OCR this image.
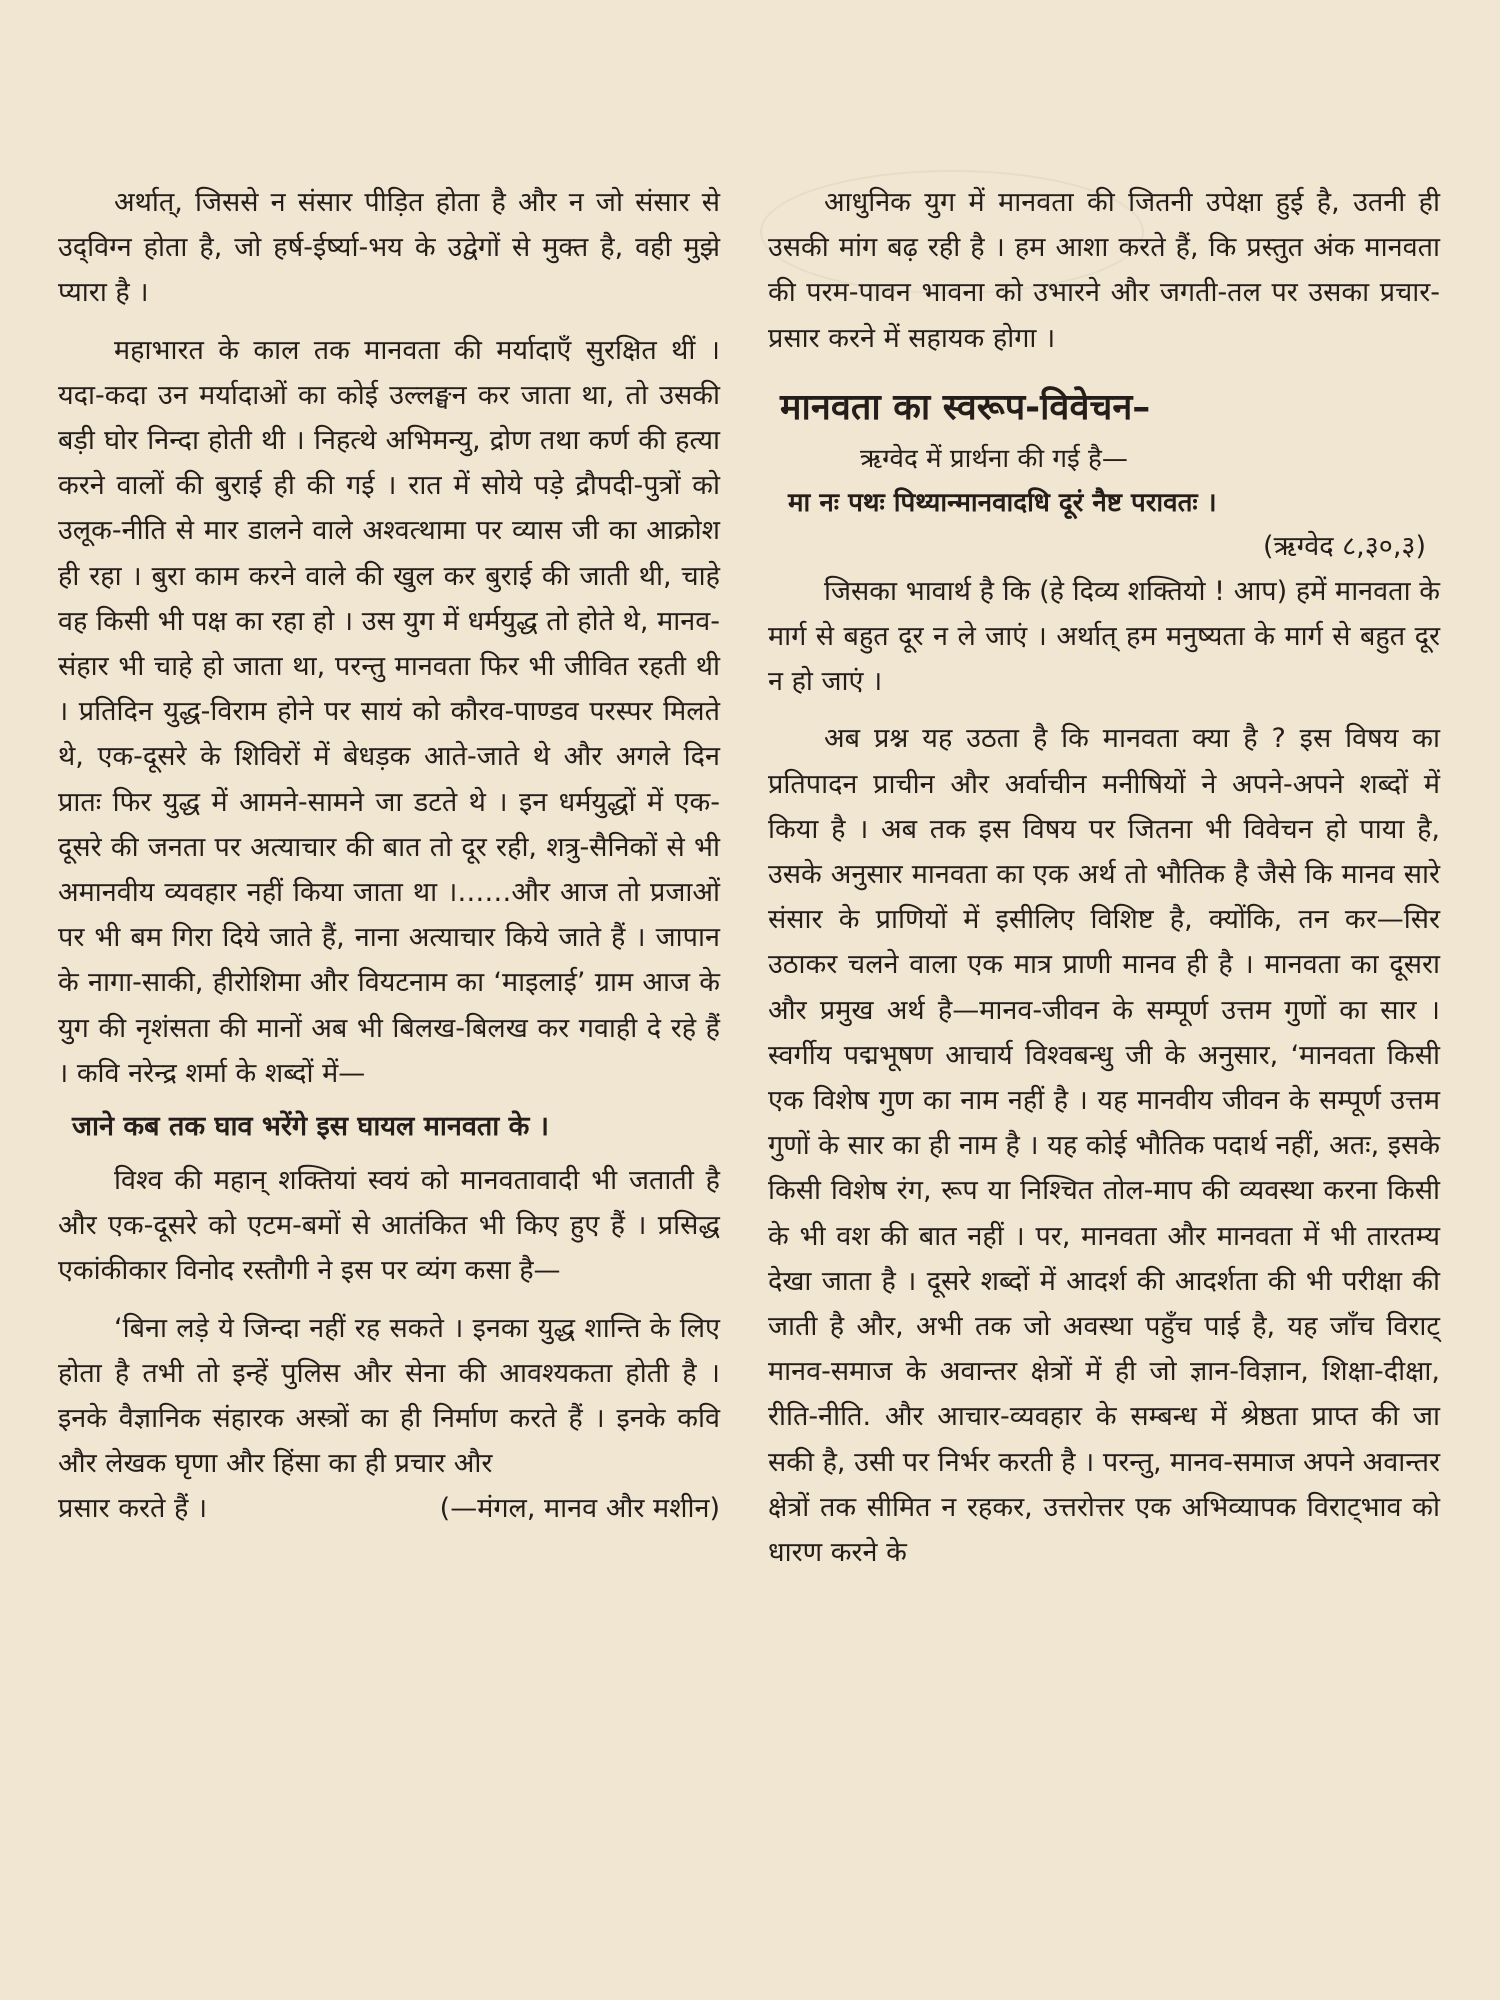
अर्थात्, जिससे न संसार पीड़ित होता है और न जो संसार से उद्‌विग्न होता है, जो हर्ष-ईर्ष्या-भय के उद्वेगों से मुक्त है, वही मुझे प्यारा है ।

महाभारत के काल तक मानवता की मर्यादाएँ सुरक्षित थीं । यदा-कदा उन मर्यादाओं का कोई उल्लङ्घन कर जाता था, तो उसकी बड़ी घोर निन्दा होती थी । निहत्थे अभिमन्यु, द्रोण तथा कर्ण की हत्या करने वालों की बुराई ही की गई । रात में सोये पड़े द्रौपदी-पुत्रों को उलूक-नीति से मार डालने वाले अश्वत्थामा पर व्यास जी का आक्रोश ही रहा । बुरा काम करने वाले की खुल कर बुराई की जाती थी, चाहे वह किसी भी पक्ष का रहा हो । उस युग में धर्मयुद्ध तो होते थे, मानव-संहार भी चाहे हो जाता था, परन्तु मानवता फिर भी जीवित रहती थी । प्रतिदिन युद्ध-विराम होने पर सायं को कौरव-पाण्डव परस्पर मिलते थे, एक-दूसरे के शिविरों में बेधड़क आते-जाते थे और अगले दिन प्रातः फिर युद्ध में आमने-सामने जा डटते थे । इन धर्मयुद्धों में एक-दूसरे की जनता पर अत्याचार की बात तो दूर रही, शत्रु-सैनिकों से भी अमानवीय व्यवहार नहीं किया जाता था ।……और आज तो प्रजाओं पर भी बम गिरा दिये जाते हैं, नाना अत्याचार किये जाते हैं । जापान के नागा-साकी, हीरोशिमा और वियटनाम का ‘माइलाई’ ग्राम आज के युग की नृशंसता की मानों अब भी बिलख-बिलख कर गवाही दे रहे हैं । कवि नरेन्द्र शर्मा के शब्दों में—

जाने कब तक घाव भरेंगे इस घायल मानवता के ।

विश्व की महान् शक्तियां स्वयं को मानवतावादी भी जताती है और एक-दूसरे को एटम-बमों से आतंकित भी किए हुए हैं । प्रसिद्ध एकांकीकार विनोद रस्तौगी ने इस पर व्यंग कसा है—

‘बिना लड़े ये जिन्दा नहीं रह सकते । इनका युद्ध शान्ति के लिए होता है तभी तो इन्हें पुलिस और सेना की आवश्यकता होती है । इनके वैज्ञानिक संहारक अस्त्रों का ही निर्माण करते हैं । इनके कवि और लेखक घृणा और हिंसा का ही प्रचार और

प्रसार करते हैं ।	(—मंगल, मानव और मशीन)

आधुनिक युग में मानवता की जितनी उपेक्षा हुई है, उतनी ही उसकी मांग बढ़ रही है । हम आशा करते हैं, कि प्रस्तुत अंक मानवता की परम-पावन भावना को उभारने और जगती-तल पर उसका प्रचार-प्रसार करने में सहायक होगा ।

मानवता का स्वरूप-विवेचन–
ऋग्वेद में प्रार्थना की गई है—
मा नः पथः पिथ्यान्मानवादधि दूरं नैष्ट परावतः ।
(ऋग्वेद ८,३०,३)

जिसका भावार्थ है कि (हे दिव्य शक्तियो ! आप) हमें मानवता के मार्ग से बहुत दूर न ले जाएं । अर्थात् हम मनुष्यता के मार्ग से बहुत दूर न हो जाएं ।

अब प्रश्न यह उठता है कि मानवता क्या है ? इस विषय का प्रतिपादन प्राचीन और अर्वाचीन मनीषियों ने अपने-अपने शब्दों में किया है । अब तक इस विषय पर जितना भी विवेचन हो पाया है, उसके अनुसार मानवता का एक अर्थ तो भौतिक है जैसे कि मानव सारे संसार के प्राणियों में इसीलिए विशिष्ट है, क्योंकि, तन कर—सिर उठाकर चलने वाला एक मात्र प्राणी मानव ही है । मानवता का दूसरा और प्रमुख अर्थ है—मानव-जीवन के सम्पूर्ण उत्तम गुणों का सार । स्वर्गीय पद्मभूषण आचार्य विश्वबन्धु जी के अनुसार, ‘मानवता किसी एक विशेष गुण का नाम नहीं है । यह मानवीय जीवन के सम्पूर्ण उत्तम गुणों के सार का ही नाम है । यह कोई भौतिक पदार्थ नहीं, अतः, इसके किसी विशेष रंग, रूप या निश्चित तोल-माप की व्यवस्था करना किसी के भी वश की बात नहीं । पर, मानवता और मानवता में भी तारतम्य देखा जाता है । दूसरे शब्दों में आदर्श की आदर्शता की भी परीक्षा की जाती है और, अभी तक जो अवस्था पहुँच पाई है, यह जाँच विराट् मानव-समाज के अवान्तर क्षेत्रों में ही जो ज्ञान-विज्ञान, शिक्षा-दीक्षा, रीति-नीति. और आचार-व्यवहार के सम्बन्ध में श्रेष्ठता प्राप्त की जा सकी है, उसी पर निर्भर करती है । परन्तु, मानव-समाज अपने अवान्तर क्षेत्रों तक सीमित न रहकर, उत्तरोत्तर एक अभिव्यापक विराट्भाव को धारण करने के
